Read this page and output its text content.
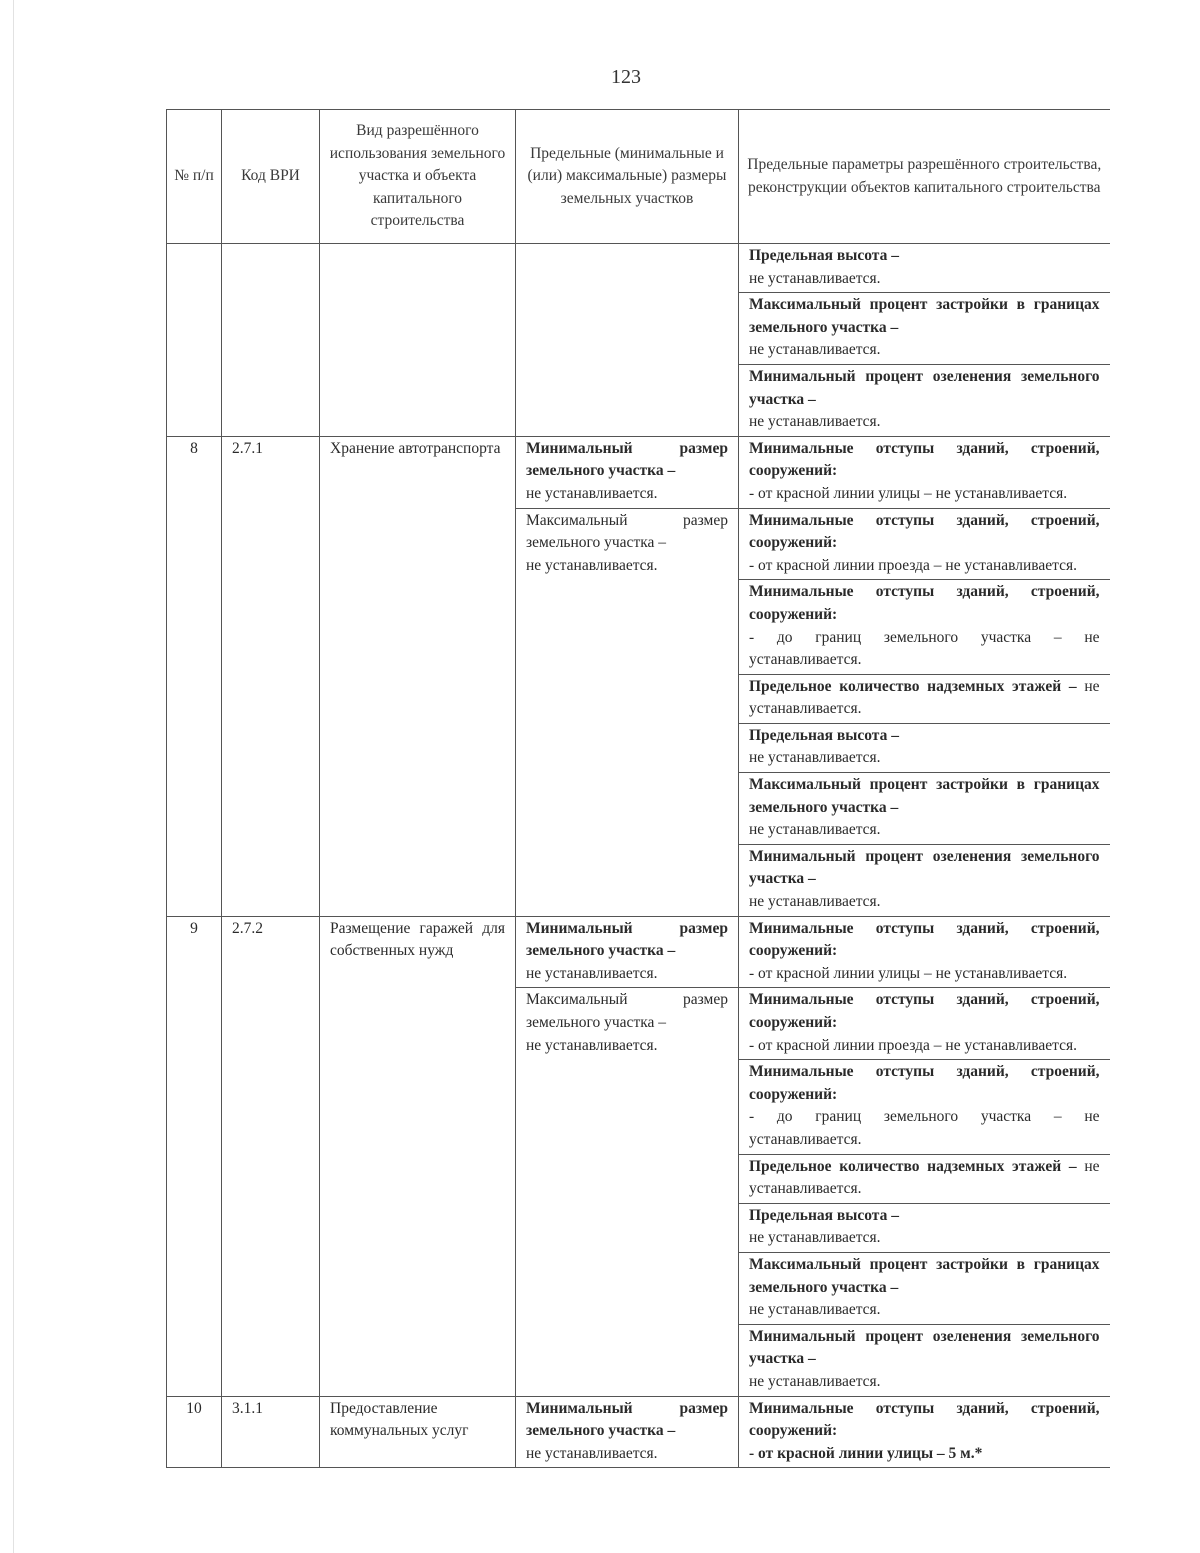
123
№ п/п	Код ВРИ	Вид разрешённого использования земельного участка и объекта капитального строительства	Предельные (минимальные и (или) максимальные) размеры земельных участков	Предельные параметры разрешённого строительства, реконструкции объектов капитального строительства
				Предельная высота –
не устанавливается.
				Максимальный процент застройки в границах земельного участка –
не устанавливается.
				Минимальный процент озеленения земельного участка –
не устанавливается.
8	2.7.1	Хранение автотранспорта	Минимальный размер земельного участка –
не устанавливается.	Минимальные отступы зданий, строений, сооружений:
- от красной линии улицы – не устанавливается.
			Максимальный размер земельного участка –
не устанавливается.	Минимальные отступы зданий, строений, сооружений:
- от красной линии проезда – не устанавливается.
				Минимальные отступы зданий, строений, сооружений:
- до границ земельного участка – не устанавливается.
				Предельное количество надземных этажей – не устанавливается.
				Предельная высота –
не устанавливается.
				Максимальный процент застройки в границах земельного участка –
не устанавливается.
				Минимальный процент озеленения земельного участка –
не устанавливается.
9	2.7.2	Размещение гаражей для собственных нужд	Минимальный размер земельного участка –
не устанавливается.	Минимальные отступы зданий, строений, сооружений:
- от красной линии улицы – не устанавливается.
			Максимальный размер земельного участка –
не устанавливается.	Минимальные отступы зданий, строений, сооружений:
- от красной линии проезда – не устанавливается.
				Минимальные отступы зданий, строений, сооружений:
- до границ земельного участка – не устанавливается.
				Предельное количество надземных этажей – не устанавливается.
				Предельная высота –
не устанавливается.
				Максимальный процент застройки в границах земельного участка –
не устанавливается.
				Минимальный процент озеленения земельного участка –
не устанавливается.
10	3.1.1	Предоставление коммунальных услуг	Минимальный размер земельного участка –
не устанавливается.	Минимальные отступы зданий, строений, сооружений:
- от красной линии улицы – 5 м.*
